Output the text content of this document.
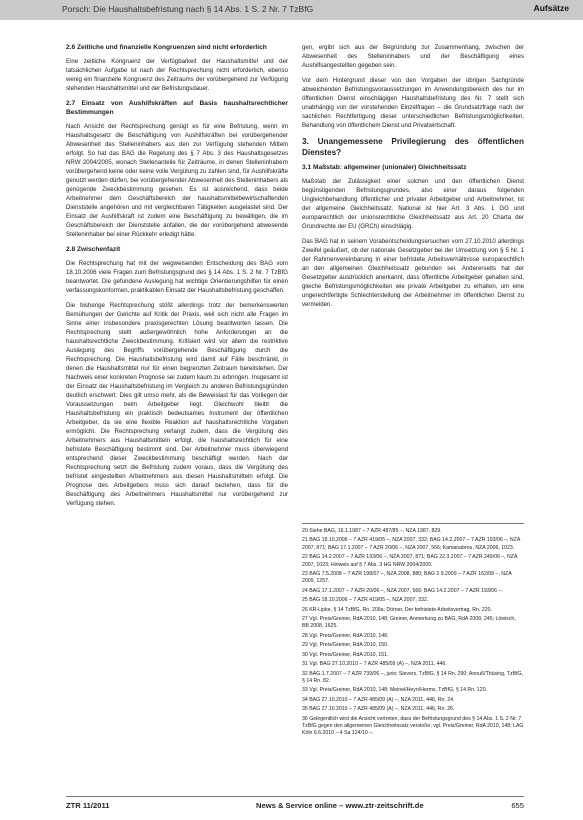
Porsch: Die Haushaltsbefristung nach § 14 Abs. 1 S. 2 Nr. 7 TzBfG	Aufsätze
2.6 Zeitliche und finanzielle Kongruenzen sind nicht erforderlich

Eine zeitliche Kongruenz der Verfügbarkeit der Haushaltsmittel und der tatsächlichen Aufgabe ist nach der Rechtsprechung nicht erforderlich, ebenso wenig ein finanzielle Kongruenz des Zeitraums der vorübergehend zur Verfügung stehenden Haushaltsmittel und der Befristungsdauer.

2.7 Einsatz von Aushilfskräften auf Basis haushaltsrechtlicher Bestimmungen

Nach Ansicht der Rechtsprechung genügt es für eine Befristung, wenn im Haushaltsgesetz die Beschäftigung von Aushilfskräften bei vorübergehender Abwesenheit des Stelleninhabers aus den zur Verfügung stehenden Mitteln erfolgt. So hat das BAG die Regelung des § 7 Abs. 3 des Haushaltsgesetzes NRW 2004/2005, wonach Stellenanteile für Zeiträume, in denen Stelleninhabern vorübergehend keine oder keine volle Vergütung zu zahlen sind, für Aushilfskräfte genutzt werden dürfen, bei vorübergehender Abwesenheit des Stelleninhabers als genügende Zweckbestimmung gesehen. Es ist ausreichend, dass beide Arbeitnehmer dem Geschäftsbereich der haushaltsmittelbewirtschaftenden Dienststelle angehören und mit vergleichbaren Tätigkeiten ausgelastet sind. Der Einsatz der Aushilfskraft ist zudem eine Beschäftigung zu bewältigen, die im Geschäftsbereich der Dienststelle anfallen, die der vorübergehend abwesende Stelleninhaber bei einer Rückkehr erledigt hätte.

2.8 Zwischenfazit

Die Rechtsprechung hat mit der wegweisenden Entscheidung des BAG vom 18.10.2006 viele Fragen zum Befristungsgrund des § 14 Abs. 1 S. 2 Nr. 7 TzBfG beantwortet. Die gefundene Auslegung hat wichtige Orientierungshilfen für einen verfassungskonformen, praktikablen Einsatz der Haushaltsbefristung geschaffen.

Die bisherige Rechtsprechung stößt allerdings trotz der bemerkenswerten Bemühungen der Gerichte auf Kritik der Praxis, weil sich nicht alle Fragen im Sinne einer insbesondere praxisgerechten Lösung beantworten lassen. Die Rechtsprechung stellt außergewöhnlich hohe Anforderungen an die haushaltsrechtliche Zweckbestimmung. Kritisiert wird vor allem die restriktive Auslegung des Begriffs vorübergehende Beschäftigung durch die Rechtsprechung. Die Haushaltsbefristung wird damit auf Fälle beschränkt, in denen die Haushaltsmittel nur für einen begrenzten Zeitraum bereitstehen. Der Nachweis einer konkreten Prognose sei zudem kaum zu erbringen. Insgesamt ist der Einsatz der Haushaltsbefristung im Vergleich zu anderen Befristungsgründen deutlich erschwert. Dies gilt umso mehr, als die Beweislast für das Vorliegen der Voraussetzungen beim Arbeitgeber liegt. Gleichwohl bleibt die Haushaltsbefristung ein praktisch bedeutsames Instrument der öffentlichen Arbeitgeber, da sie eine flexible Reaktion auf haushaltsrechtliche Vorgaben ermöglicht. Die Rechtsprechung verlangt zudem, dass die Vergütung des Arbeitnehmers aus Haushaltsmitteln erfolgt, die haushaltsrechtlich für eine befristete Beschäftigung bestimmt sind. Der Arbeitnehmer muss überwiegend entsprechend dieser Zweckbestimmung beschäftigt werden. Nach der Rechtsprechung setzt die Befristung zudem voraus, dass die Vergütung des befristet eingestellten Arbeitnehmers aus diesen Haushaltsmitteln erfolgt. Die Prognose des Arbeitgebers muss sich darauf beziehen, dass für die Beschäftigung des Arbeitnehmers Haushaltsmittel nur vorübergehend zur Verfügung stehen.

gen, ergibt sich aus der Begründung zur Zusammenhang, zwischen der Abwesenheit des Stelleninhabers und der Beschäftigung eines Aushilfsangestellten gegeben sein.

Vor dem Hintergrund dieser von den Vorgaben der übrigen Sachgründe abweichenden Befristungsvoraussetzungen im Anwendungsbereich des nur im öffentlichen Dienst einschlägigen Haushaltsbefristung des Nr. 7 stellt sich unabhängig von der vorstehenden Einzelfragen – die Grundsatzfrage nach der sachlichen Rechtfertigung dieser unterschiedlichen Befristungsmöglichkeiten, Behandlung von öffentlichem Dienst und Privatwirtschaft.

3. Unangemessene Privilegierung des öffentlichen Dienstes?
3.1 Maßstab: allgemeiner (unionaler) Gleichheitssatz

Maßstab der Zulässigkeit einer solchen und den öffentlichen Dienst begünstigenden Befristungsgrundes, also einer daraus folgenden Ungleichbehandlung öffentlicher und privater Arbeitgeber und Arbeitnehmer, ist der allgemeine Gleichheitssatz. National ist hier Art. 3 Abs. 1 GG und europarechtlich der unionsrechtliche Gleichheitssatz aus Art. 20 Charta der Grundrechte der EU (GRCh) einschlägig.

Das BAG hat in seinem Vorabentscheidungsersuchen vom 27.10.2010 allerdings Zweifel geäußert, ob der nationale Gesetzgeber bei der Umsetzung von § 5 Nr. 1 der Rahmenvereinbarung in einer befristete Arbeitsverhältnisse europarechtlich an den allgemeinen Gleichheitssatz gebunden sei. Andererseits hat der Gesetzgeber ausdrücklich anerkannt, dass öffentliche Arbeitgeber gehalten sind, gleiche Befristungsmöglichkeiten wie private Arbeitgeber zu erhalten, um eine ungerechtfertigte Schlechterstellung der Arbeitnehmer im öffentlichen Dienst zu vermeiden.

20 Siehe BAG, 16.1.1987 – 7 AZR 487/85 –, NZA 1987, 829.

21 BAG 18.10.2006 – 7 AZR 419/05 –, NZA 2007, 332; BAG 14.2.2007 – 7 AZR 193/06 –, NZA 2007, 871; BAG 17.1.2007 – 7 AZR 20/06 –, NZA 2007, 566; Kamanabrou, NZA 2006, 1023.

22 BAG 14.2.2007 – 7 AZR 193/06 –, NZA 2007, 871; BAG 22.3.2007 – 7 AZR 249/06 –, NZA 2007, 1023; Hinweis auf § 7 Abs. 3 HG NRW 2004/2005.

23 BAG 7.5.2008 – 7 AZR 198/07 –, NZA 2008, 880; BAG 2.9.2009 – 7 AZR 162/08 –, NZA 2009, 1257.

24 BAG 17.1.2007 – 7 AZR 20/06 –, NZA 2007, 566; BAG 14.2.2007 – 7 AZR 193/06 –.

25 BAG 18.10.2006 – 7 AZR 419/05 –, NZA 2007, 332.

26 KR-Lipke, § 14 TzBfG, Rn. 209a; Dörner, Der befristete Arbeitsvertrag, Rn. 220.

27 Vgl. Preis/Greiner, RdA 2010, 148; Greiner, Anmerkung zu BAG, RdA 2008, 245; Löwisch, BB 2008, 1625.

28 Vgl. Preis/Greiner, RdA 2010, 148.

29 Vgl. Preis/Greiner, RdA 2010, 150.

30 Vgl. Preis/Greiner, RdA 2010, 151.

31 Vgl. BAG 27.10.2010 – 7 AZR 485/09 (A) –, NZA 2011, 446.

32 BAG 1.7.2007 – 7 AZR 739/06 –, juris; Sievers, TzBfG, § 14 Rn. 290; Annuß/Thüsing, TzBfG, § 14 Rn. 82.

33 Vgl. Preis/Greiner, RdA 2010, 148; Meinel/Heyn/Herms, TzBfG, § 14 Rn. 120.

34 BAG 27.10.2010 – 7 AZR 485/09 (A) –, NZA 2011, 446, Rn. 24.

35 BAG 27.10.2010 – 7 AZR 485/09 (A) –, NZA 2011, 446, Rn. 26.

36 Gelegentlich wird die Ansicht vertreten, dass der Befristungsgrund des § 14 Abs. 1 S. 2 Nr. 7 TzBfG gegen den allgemeinen Gleichheitssatz verstoße; vgl. Preis/Greiner, RdA 2010, 148; LAG Köln 6.6.2010 – 4 Sa 124/10 –.

ZTR 11/2011	News & Service online – www.ztr-zeitschrift.de	655
